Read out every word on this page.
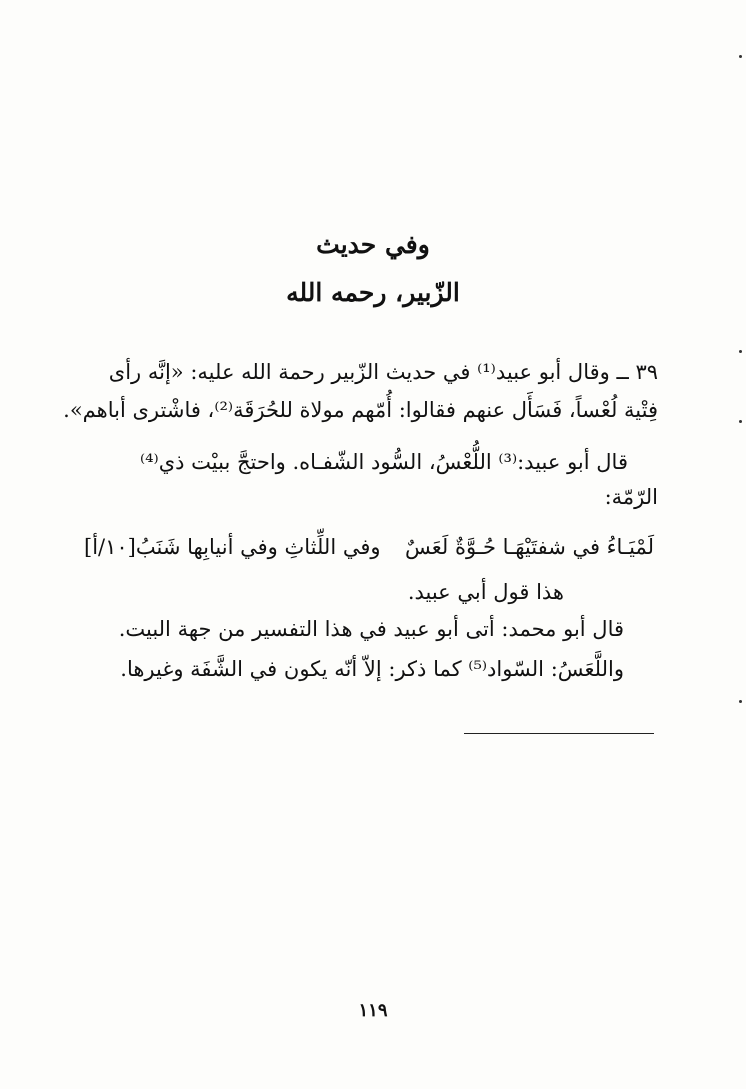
وفي حديث
الزّبير، رحمه الله
٣٩ ــ وقال أبو عبيد⁽¹⁾ في حديث الزّبير رحمة الله عليه: «إنَّه رأى
فِتْية لُعْساً، فَسَأَل عنهم فقالوا: أُمّهم مولاة للحُرَقَة⁽²⁾، فاشْترى أباهم».
قال أبو عبيد:⁽³⁾ اللُّعْسُ، السُّود الشّفـاه. واحتجَّ ببيْت ذي⁽⁴⁾
الرّمّة:
لَمْيَـاءُ في شفتَيْهَـا حُـوَّةٌ لَعَسٌ
وفي اللِّثاثِ وفي أنيابِها شَنَبُ[١٠/أ]
هذا قول أبي عبيد.
قال أبو محمد: أتى أبو عبيد في هذا التفسير من جهة البيت.
واللَّعَسُ: السّواد⁽⁵⁾ كما ذكر: إلاّ أنّه يكون في الشَّفَة وغيرها.
١١٩
